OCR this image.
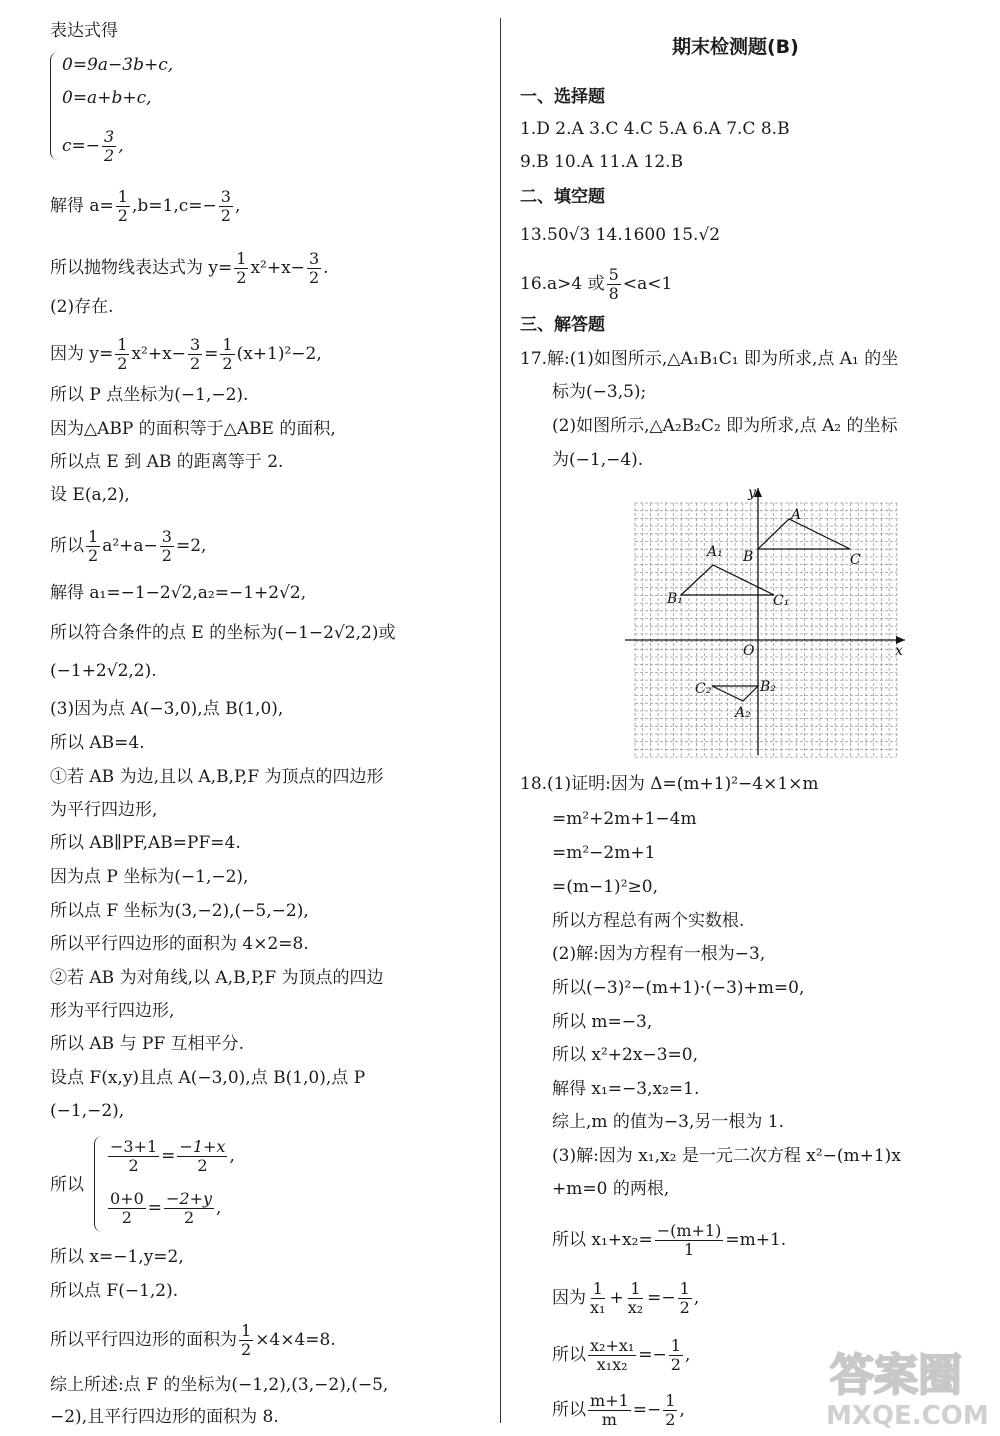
表达式得
0=9a−3b+c,
0=a+b+c,
$c=- \frac{3}{2}$ ,
解得 $a= \frac{1}{2} ,b=1,c=- \frac{3}{2}$ ,
所以抛物线表达式为 $y= \frac{1}{2} x^2+x- \frac{3}{2}$ .
(2)存在.
因为 $y= \frac{1}{2} x^2+x- \frac{3}{2} = \frac{1}{2} (x+1)^2-2$,
所以 P 点坐标为(−1,−2).
因为△ABP 的面积等于△ABE 的面积,
所以点 E 到 AB 的距离等于 2.
设 E(a,2),
所以 $\frac{1}{2} a^2+a- \frac{3}{2} =2$,
解得 a₁=−1−2√2,a₂=−1+2√2,
所以符合条件的点 E 的坐标为(−1−2√2,2)或
(−1+2√2,2).
(3)因为点 A(−3,0),点 B(1,0),
所以 AB=4.
①若 AB 为边,且以 A,B,P,F 为顶点的四边形
为平行四边形,
所以 AB∥PF,AB=PF=4.
因为点 P 坐标为(−1,−2),
所以点 F 坐标为(3,−2),(−5,−2),
所以平行四边形的面积为 4×2=8.
②若 AB 为对角线,以 A,B,P,F 为顶点的四边
形为平行四边形,
所以 AB 与 PF 互相平分.
设点 F(x,y)且点 A(−3,0),点 B(1,0),点 P
(−1,−2),
所以
$\frac{-3+1}{2} = \frac{-1+x}{2}$ ,
$\frac{0+0}{2} = \frac{-2+y}{2}$ ,
所以 x=−1,y=2,
所以点 F(−1,2).
所以平行四边形的面积为 $\frac{1}{2} \times 4\times 4=8$.
综上所述:点 F 的坐标为(−1,2),(3,−2),(−5,
−2),且平行四边形的面积为 8.
期末检测题(B)
一、选择题
1.D 2.A 3.C 4.C 5.A 6.A 7.C 8.B
9.B 10.A 11.A 12.B
二、填空题
13.50√3 14.1600 15.√2
16.a>4 或 $\frac{5}{8} <a<1$
三、解答题
17.解:(1)如图所示,△A₁B₁C₁ 即为所求,点 A₁ 的坐
标为(−3,5);
(2)如图所示,△A₂B₂C₂ 即为所求,点 A₂ 的坐标
为(−1,−4).
18.(1)证明:因为 Δ=(m+1)²−4×1×m
=m²+2m+1−4m
=m²−2m+1
=(m−1)²≥0,
所以方程总有两个实数根.
(2)解:因为方程有一根为−3,
所以(−3)²−(m+1)·(−3)+m=0,
所以 m=−3,
所以 x²+2x−3=0,
解得 x₁=−3,x₂=1.
综上,m 的值为−3,另一根为 1.
(3)解:因为 x₁,x₂ 是一元二次方程 x²−(m+1)x
+m=0 的两根,
所以 $x_1+x_2= \frac{-(m+1)}{1} =m+1$.
因为 $\frac{1}{\text{x₁}} + \frac{1}{\text{x₂}} =- \frac{1}{2}$ ,
所以 $\frac{\text{x₂+x₁}}{\text{x₁x₂}} =- \frac{1}{2}$ ,
所以 $\frac{m+1}{m} =- \frac{1}{2}$ ,
y
x
O
A
B	C
A₁
B₁	C₁
A₂
B₂
C₂
答案圈
MXQE.COM
